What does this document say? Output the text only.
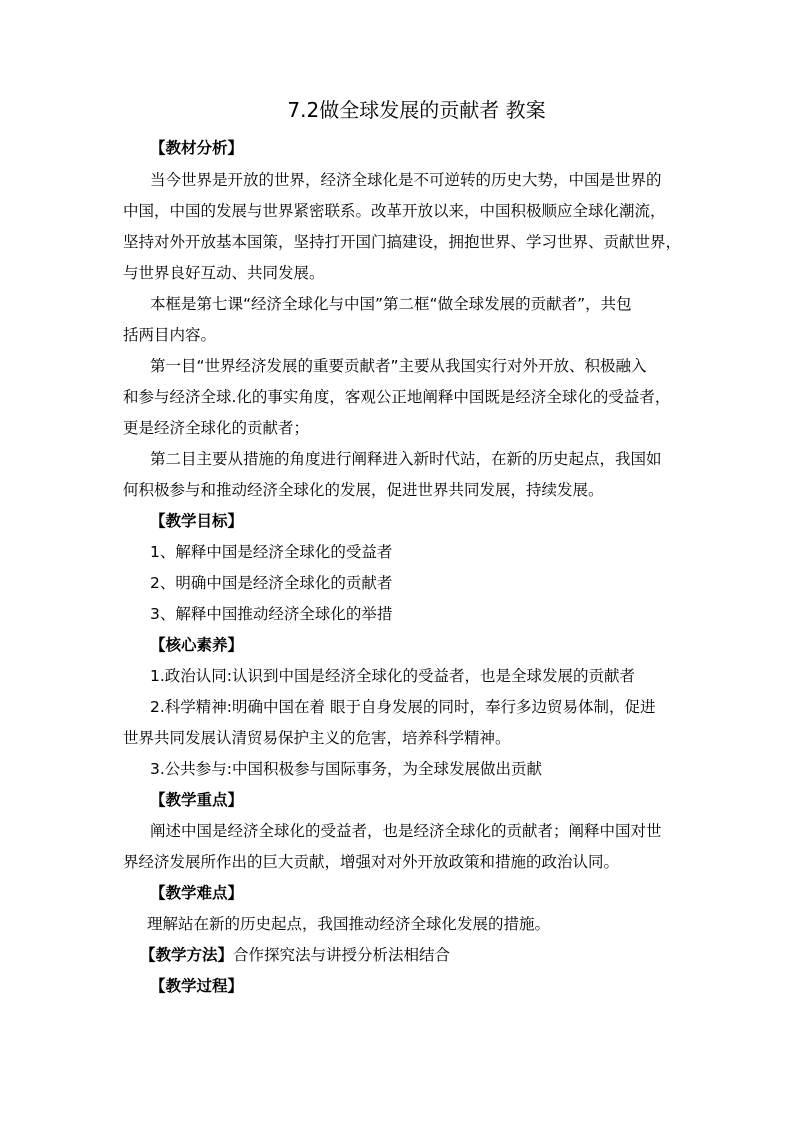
7.2做全球发展的贡献者 教案
【教材分析】
当今世界是开放的世界，经济全球化是不可逆转的历史大势，中国是世界的
中国，中国的发展与世界紧密联系。改革开放以来，中国积极顺应全球化潮流，
坚持对外开放基本国策，坚持打开国门搞建设，拥抱世界、学习世界、贡献世界，
与世界良好互动、共同发展。
本框是第七课“经济全球化与中国”第二框“做全球发展的贡献者”，共包
括两目内容。
第一目“世界经济发展的重要贡献者”主要从我国实行对外开放、积极融入
和参与经济全球.化的事实角度，客观公正地阐释中国既是经济全球化的受益者，
更是经济全球化的贡献者；
第二目主要从措施的角度进行阐释进入新时代站，在新的历史起点，我国如
何积极参与和推动经济全球化的发展，促进世界共同发展，持续发展。
【教学目标】
1、解释中国是经济全球化的受益者
2、明确中国是经济全球化的贡献者
3、解释中国推动经济全球化的举措
【核心素养】
1.政治认同:认识到中国是经济全球化的受益者，也是全球发展的贡献者
2.科学精神:明确中国在着 眼于自身发展的同时，奉行多边贸易体制，促进
世界共同发展认清贸易保护主义的危害，培养科学精神。
3.公共参与:中国积极参与国际事务，为全球发展做出贡献
【教学重点】
阐述中国是经济全球化的受益者，也是经济全球化的贡献者；阐释中国对世
界经济发展所作出的巨大贡献，增强对对外开放政策和措施的政治认同。
【教学难点】
理解站在新的历史起点，我国推动经济全球化发展的措施。
【教学方法】合作探究法与讲授分析法相结合
【教学过程】
